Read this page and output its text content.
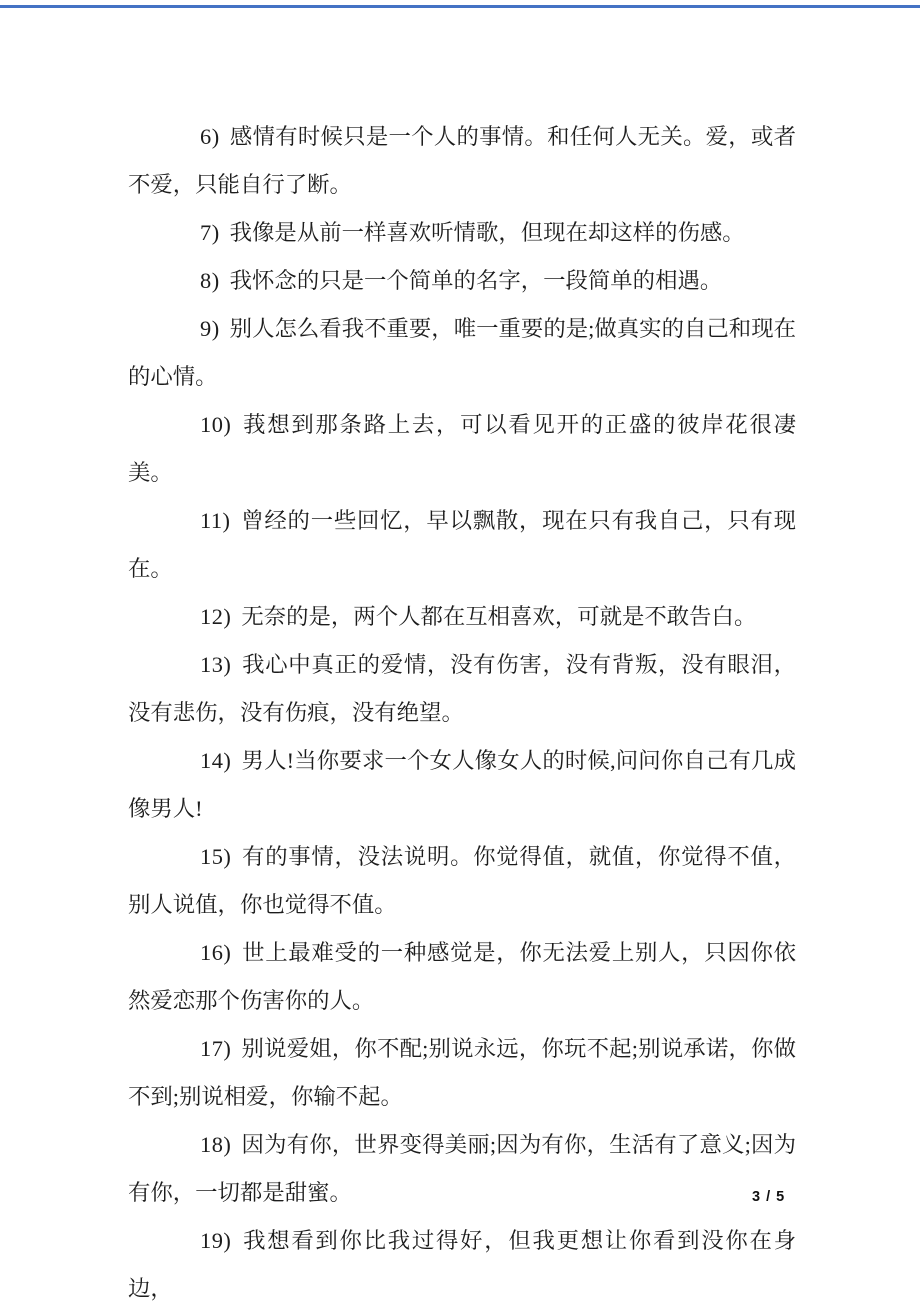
6) 感情有时候只是一个人的事情。和任何人无关。爱，或者不爱，只能自行了断。

7) 我像是从前一样喜欢听情歌，但现在却这样的伤感。

8) 我怀念的只是一个简单的名字，一段简单的相遇。

9) 别人怎么看我不重要，唯一重要的是;做真实的自己和现在的心情。

10) 莪想到那条路上去，可以看见开的正盛的彼岸花很凄美。

11) 曾经的一些回忆，早以飘散，现在只有我自己，只有现在。

12) 无奈的是，两个人都在互相喜欢，可就是不敢告白。

13) 我心中真正的爱情，没有伤害，没有背叛，没有眼泪，没有悲伤，没有伤痕，没有绝望。

14) 男人!当你要求一个女人像女人的时候,问问你自己有几成像男人!

15) 有的事情，没法说明。你觉得值，就值，你觉得不值，别人说值，你也觉得不值。

16) 世上最难受的一种感觉是，你无法爱上别人，只因你依然爱恋那个伤害你的人。

17) 别说爱姐，你不配;别说永远，你玩不起;别说承诺，你做不到;别说相爱，你输不起。

18) 因为有你，世界变得美丽;因为有你，生活有了意义;因为有你，一切都是甜蜜。

19) 我想看到你比我过得好，但我更想让你看到没你在身边，

3 / 5
